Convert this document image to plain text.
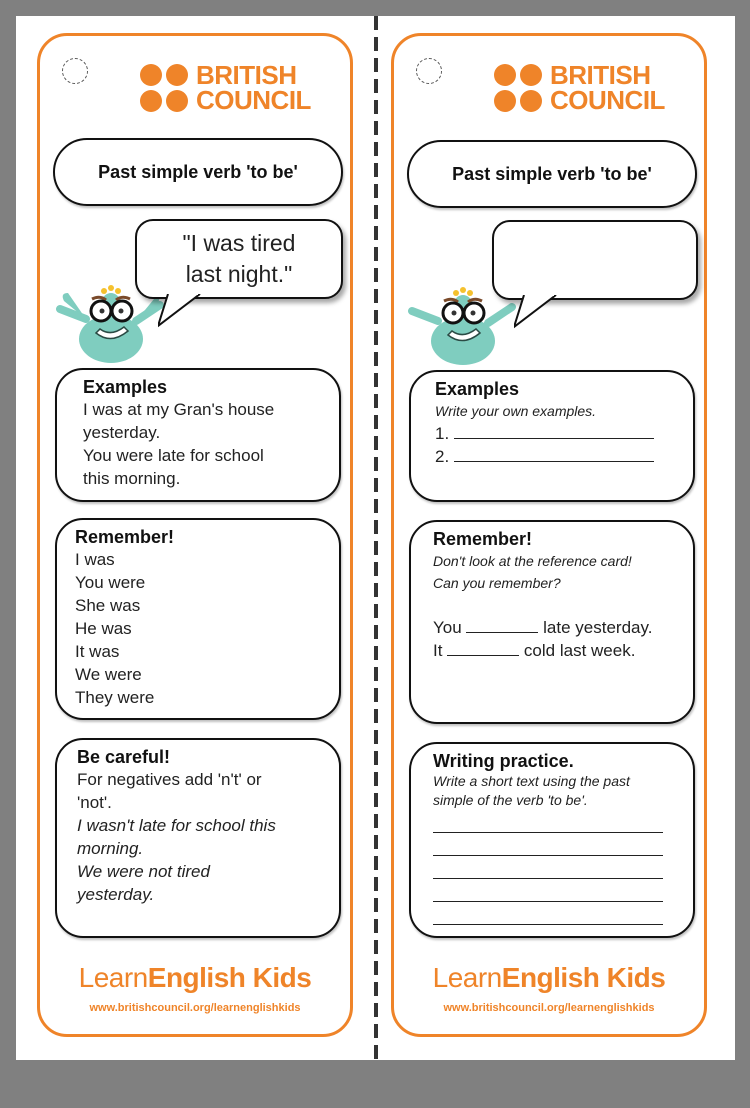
BRITISH
COUNCIL
Past simple verb 'to be'
"I was tired
last night."
Examples
I was at my Gran's house
yesterday.
You were late for school
this morning.
Remember!
I was
You were
She was
He was
It was
We were
They were
Be careful!
For negatives add 'n't' or
'not'.
I wasn't late for school this
morning.
We were not tired
yesterday.
LearnEnglish Kids
www.britishcouncil.org/learnenglishkids
BRITISH
COUNCIL
Past simple verb 'to be'
Examples
Write your own examples.
1.
2.
Remember!
Don't look at the reference card!
Can you remember?
You	late yesterday.
It	cold last week.
Writing practice.
Write a short text using the past
simple of the verb 'to be'.
LearnEnglish Kids
www.britishcouncil.org/learnenglishkids
